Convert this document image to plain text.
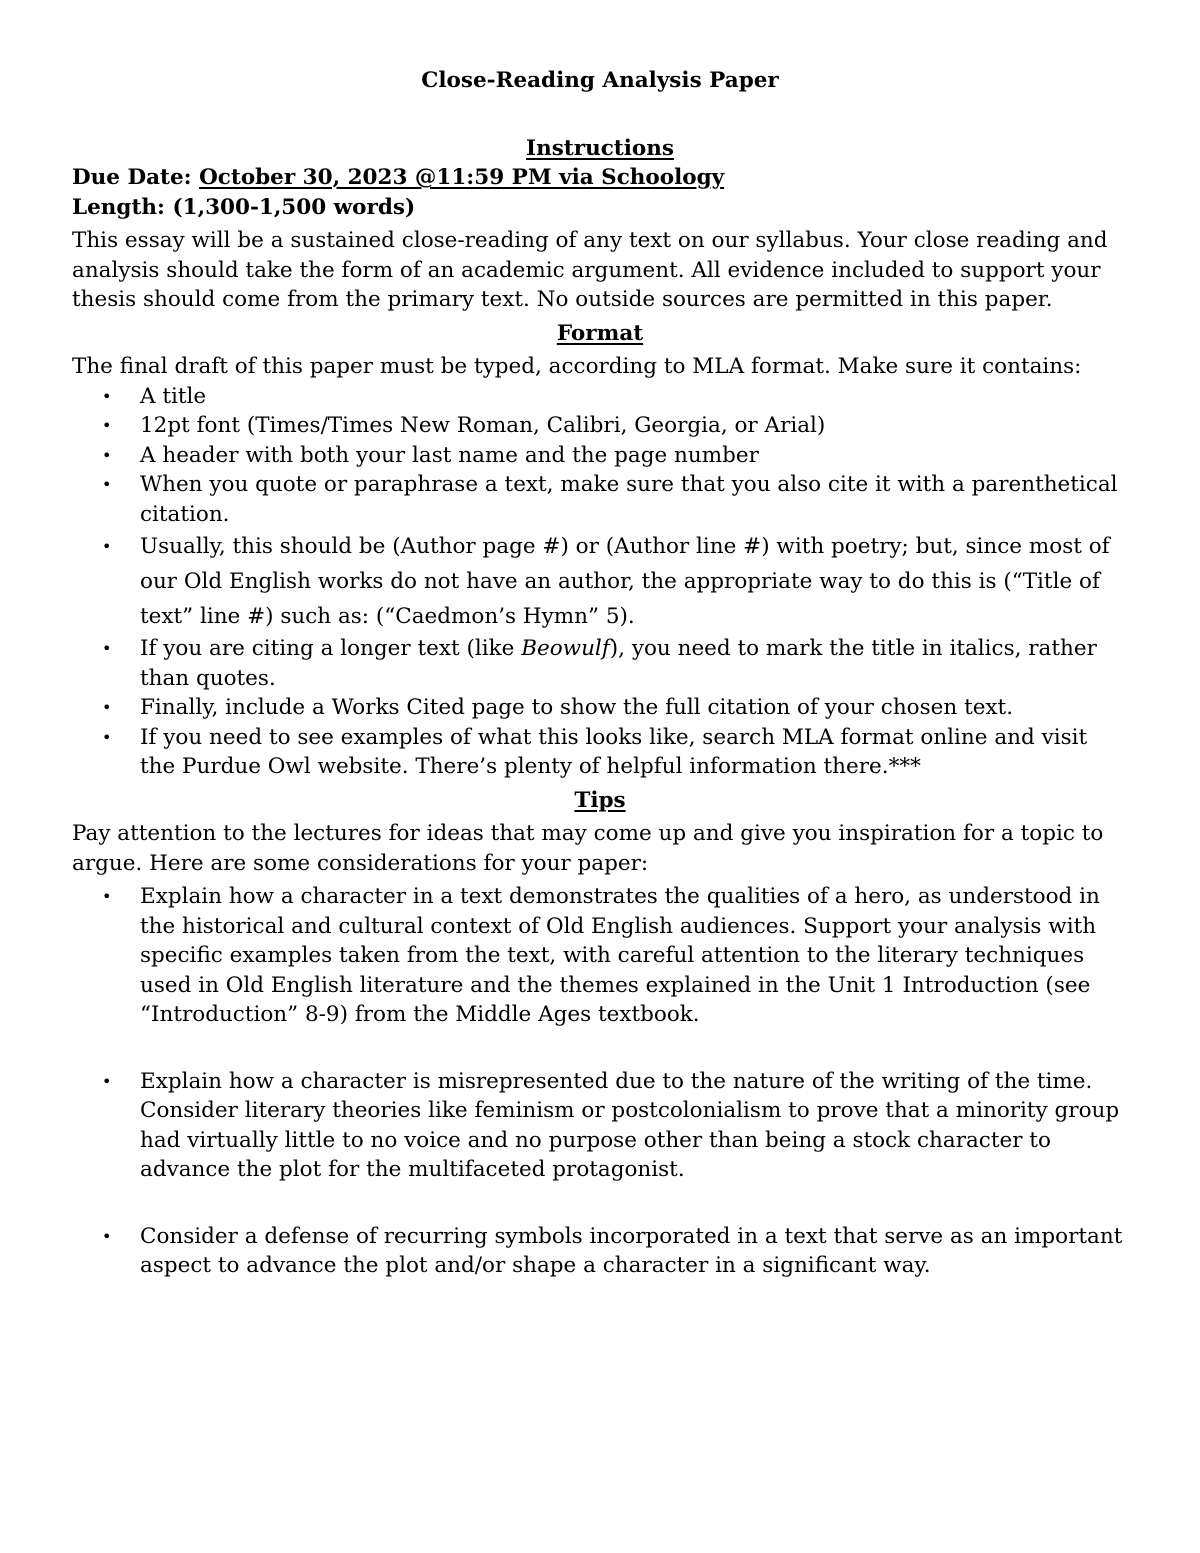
Close-Reading Analysis Paper
Instructions
Due Date: October 30, 2023 @11:59 PM via Schoology
Length: (1,300-1,500 words)

This essay will be a sustained close-reading of any text on our syllabus. Your close reading and analysis should take the form of an academic argument. All evidence included to support your thesis should come from the primary text. No outside sources are permitted in this paper.

Format

The final draft of this paper must be typed, according to MLA format. Make sure it contains:

• A title
• 12pt font (Times/Times New Roman, Calibri, Georgia, or Arial)
• A header with both your last name and the page number
• When you quote or paraphrase a text, make sure that you also cite it with a parenthetical citation.
• Usually, this should be (Author page #) or (Author line #) with poetry; but, since most of our Old English works do not have an author, the appropriate way to do this is (“Title of text” line #) such as: (“Caedmon’s Hymn” 5).
• If you are citing a longer text (like Beowulf), you need to mark the title in italics, rather than quotes.
• Finally, include a Works Cited page to show the full citation of your chosen text.
• If you need to see examples of what this looks like, search MLA format online and visit the Purdue Owl website. There’s plenty of helpful information there.***
Tips

Pay attention to the lectures for ideas that may come up and give you inspiration for a topic to argue. Here are some considerations for your paper:

• Explain how a character in a text demonstrates the qualities of a hero, as understood in the historical and cultural context of Old English audiences. Support your analysis with specific examples taken from the text, with careful attention to the literary techniques used in Old English literature and the themes explained in the Unit 1 Introduction (see “Introduction” 8-9) from the Middle Ages textbook.
• Explain how a character is misrepresented due to the nature of the writing of the time. Consider literary theories like feminism or postcolonialism to prove that a minority group had virtually little to no voice and no purpose other than being a stock character to advance the plot for the multifaceted protagonist.
• Consider a defense of recurring symbols incorporated in a text that serve as an important aspect to advance the plot and/or shape a character in a significant way.
